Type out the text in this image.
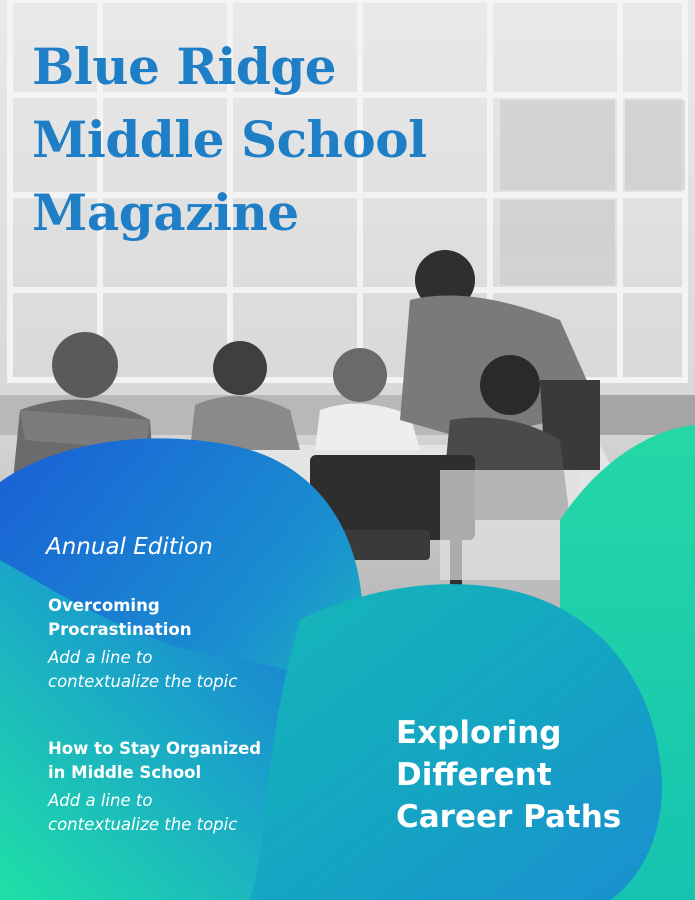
Blue Ridge
Middle School
Magazine
Annual Edition
Overcoming
Procrastination
Add a line to
contextualize the topic
How to Stay Organized
in Middle School
Add a line to
contextualize the topic
Exploring
Different
Career Paths
